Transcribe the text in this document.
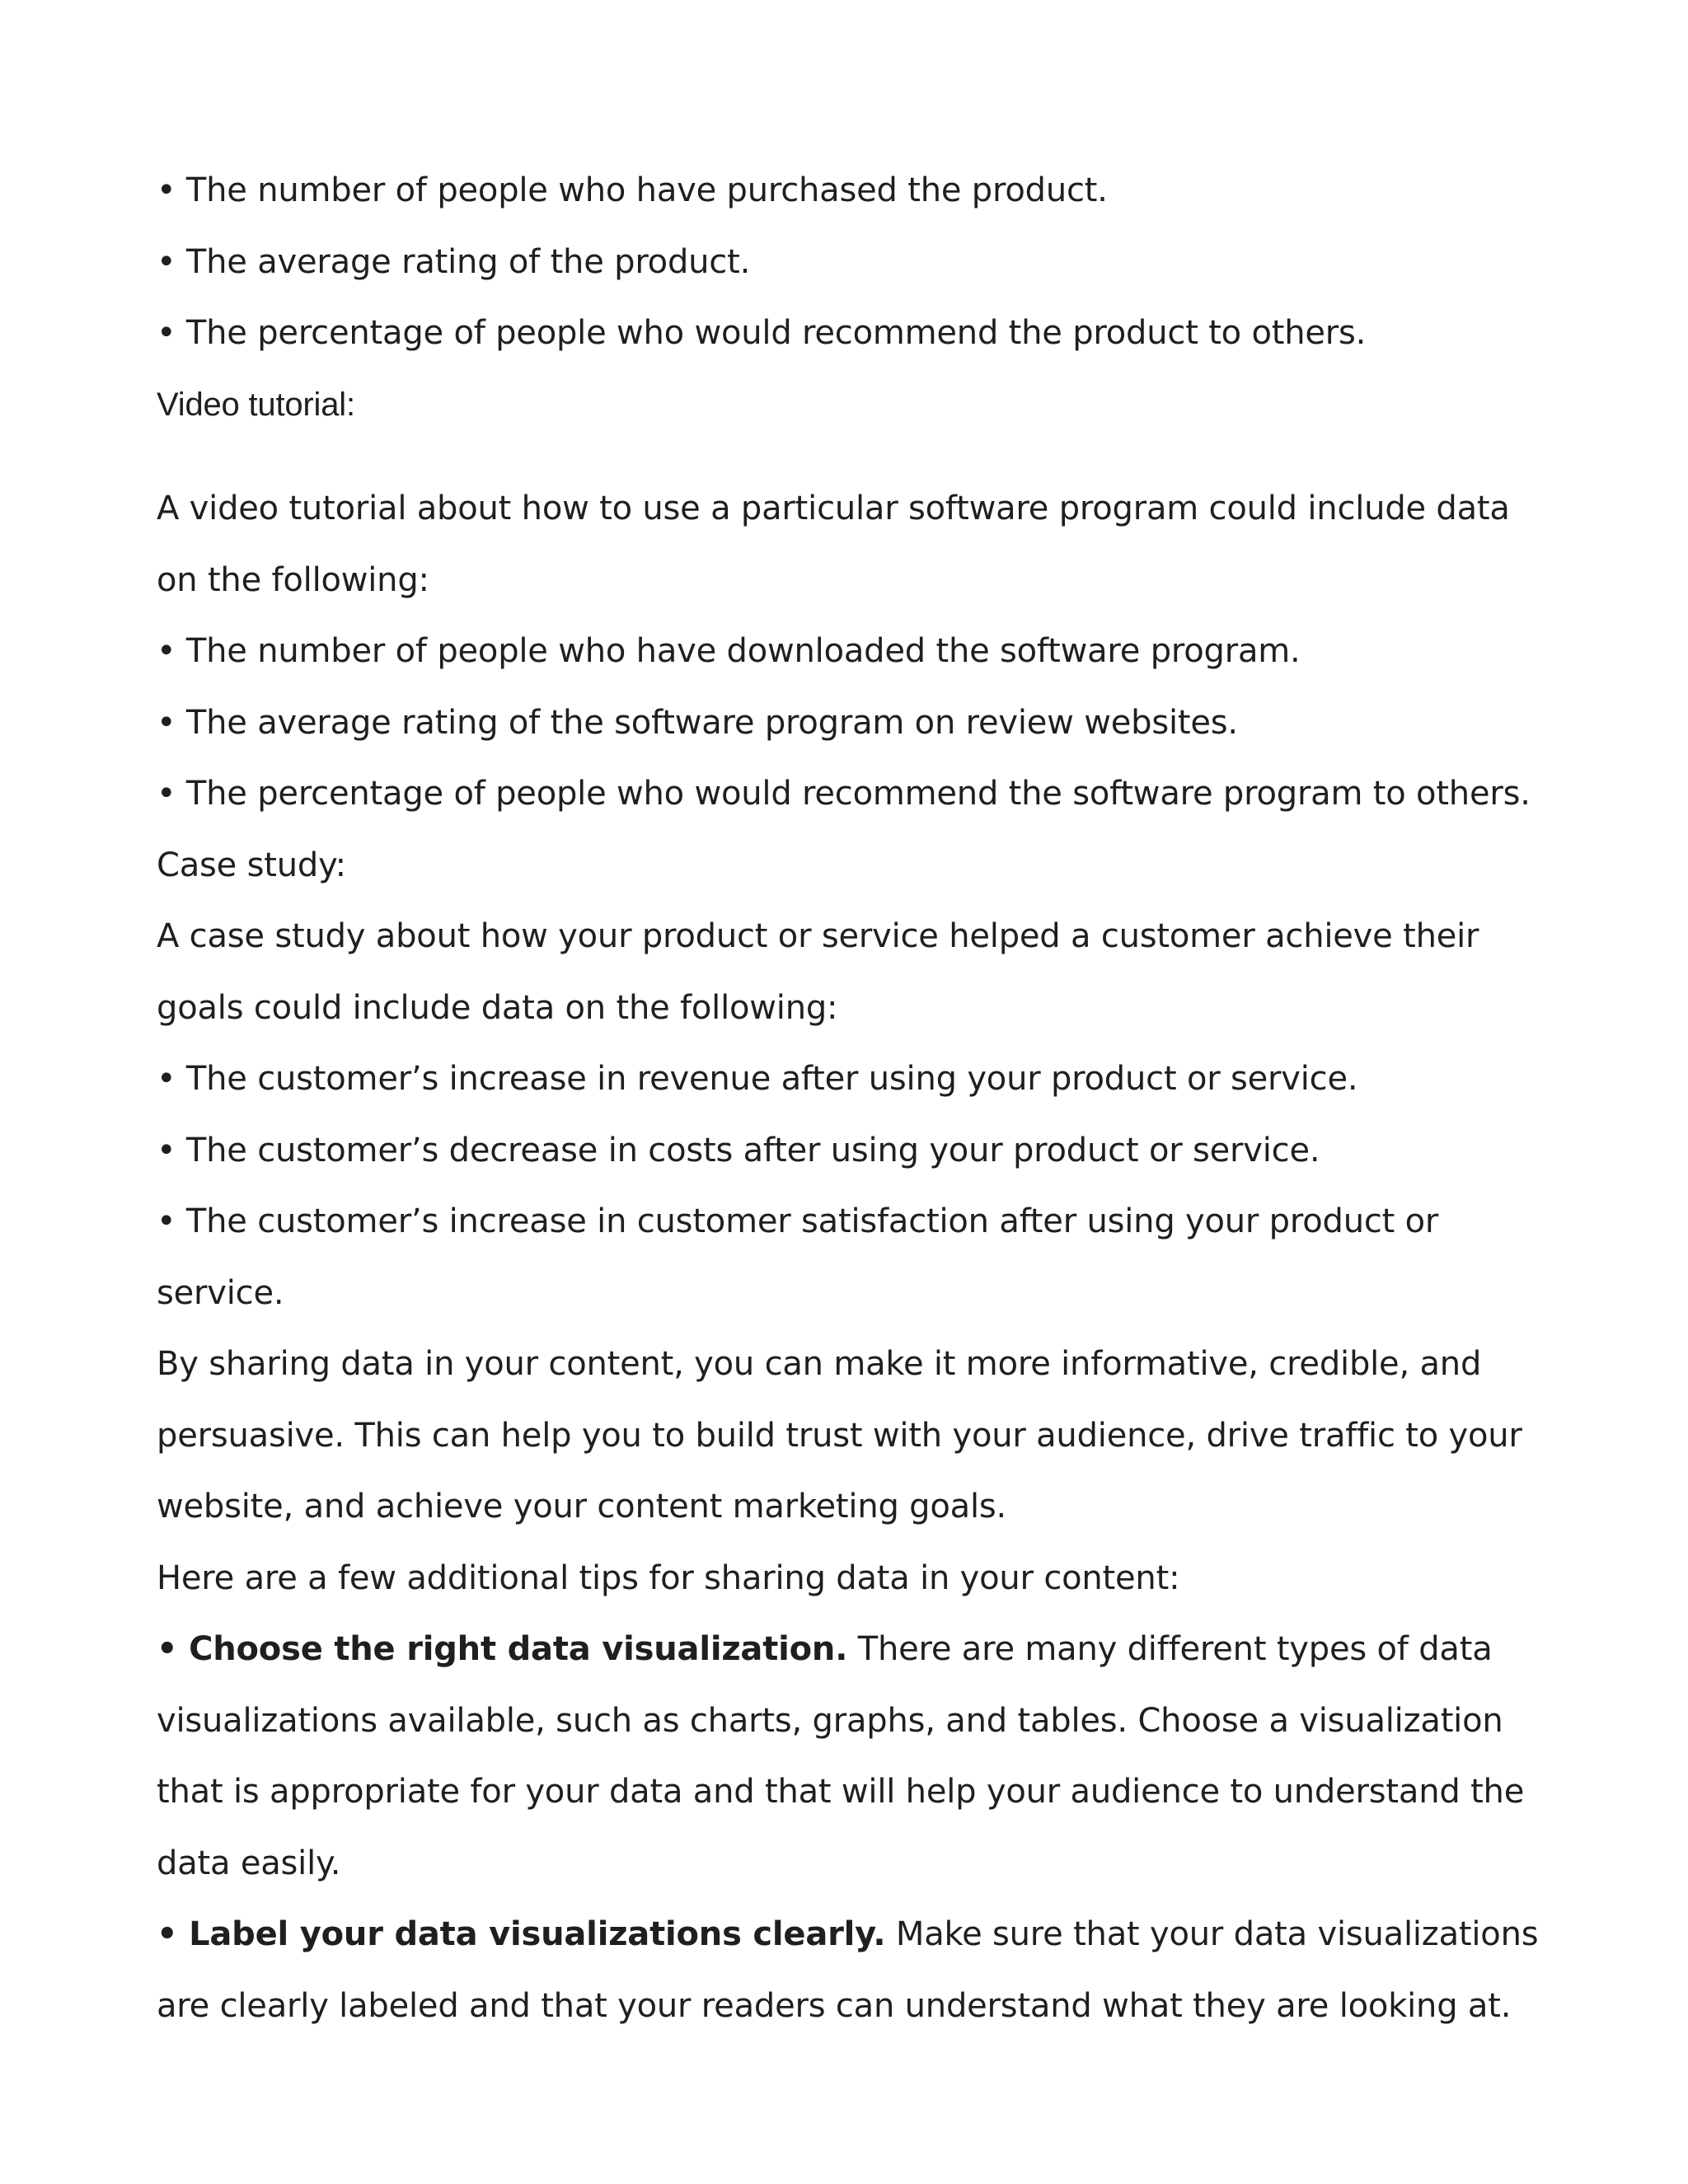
• The number of people who have purchased the product.

• The average rating of the product.

• The percentage of people who would recommend the product to others.

Video tutorial:

A video tutorial about how to use a particular software program could include data on the following:

• The number of people who have downloaded the software program.

• The average rating of the software program on review websites.

• The percentage of people who would recommend the software program to others.

Case study:

A case study about how your product or service helped a customer achieve their goals could include data on the following:

• The customer’s increase in revenue after using your product or service.

• The customer’s decrease in costs after using your product or service.

• The customer’s increase in customer satisfaction after using your product or service.

By sharing data in your content, you can make it more informative, credible, and persuasive. This can help you to build trust with your audience, drive traffic to your website, and achieve your content marketing goals.

Here are a few additional tips for sharing data in your content:

• Choose the right data visualization. There are many different types of data visualizations available, such as charts, graphs, and tables. Choose a visualization that is appropriate for your data and that will help your audience to understand the data easily.

• Label your data visualizations clearly. Make sure that your data visualizations are clearly labeled and that your readers can understand what they are looking at.
